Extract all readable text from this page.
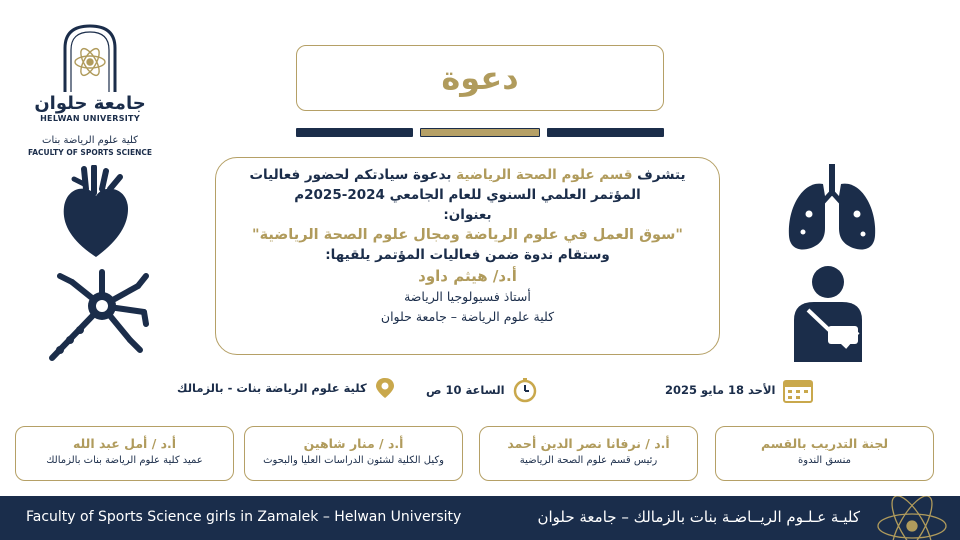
جامعة حلوان
HELWAN UNIVERSITY
كلية علوم الرياضة بنات
FACULTY OF SPORTS SCIENCE
دعوة
يتشرف قسم علوم الصحة الرياضية بدعوة سيادتكم لحضور فعاليات
المؤتمر العلمي السنوي للعام الجامعي 2024-2025م
بعنوان:
"سوق العمل في علوم الرياضة ومجال علوم الصحة الرياضية"
وستقام ندوة ضمن فعاليات المؤتمر يلقيها:
أ.د/ هيثم داود
أستاذ فسيولوجيا الرياضة
كلية علوم الرياضة – جامعة حلوان
كلية علوم الرياضة بنات - بالزمالك	الساعة 10 ص	الأحد 18 مايو 2025
لجنة التدريب بالقسم
منسق الندوة
أ.د / نرفانا نصر الدين أحمد
رئيس قسم علوم الصحة الرياضية
أ.د / منار شاهين
وكيل الكلية لشئون الدراسات العليا والبحوث
أ.د / أمل عبد الله
عميد كلية علوم الرياضة بنات بالزمالك
Faculty of Sports Science girls in Zamalek – Helwan University	كليـة عـلـوم الريــاضـة بنات بالزمالك – جامعة حلوان
